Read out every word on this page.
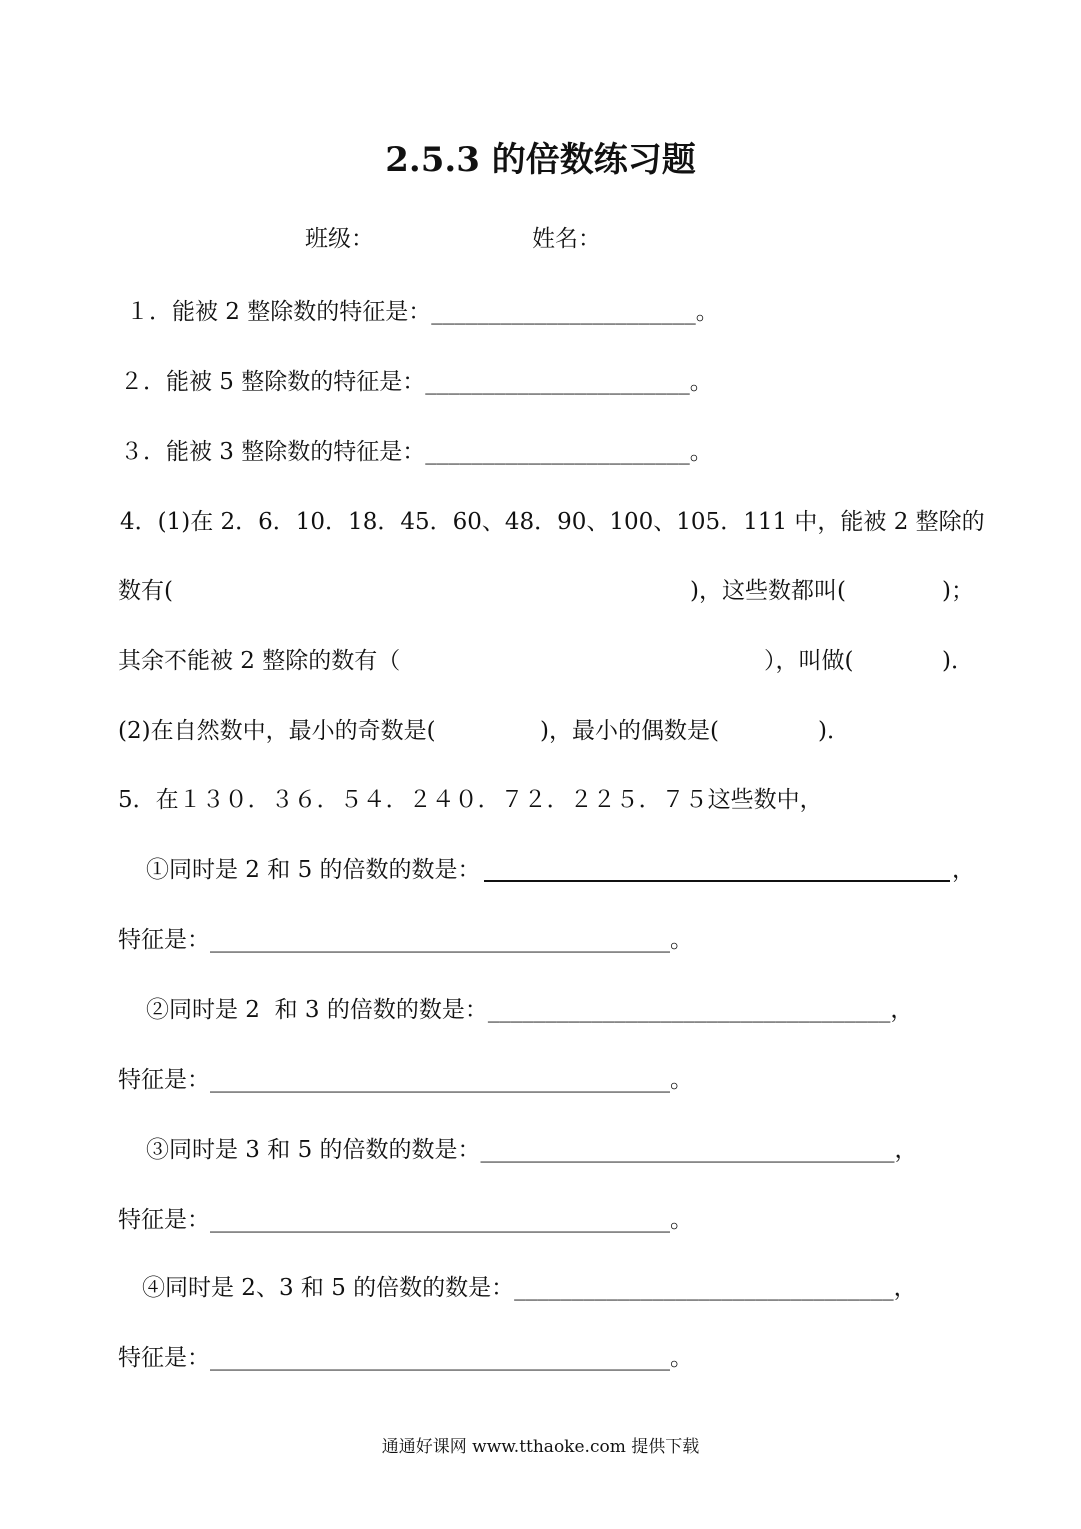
2.5.3 的倍数练习题
班级：	姓名：
１．能被 2 整除数的特征是：_______________________。
２．能被 5 整除数的特征是：_______________________。
３．能被 3 整除数的特征是：_______________________。
4．(1)在 2．6．10．18．45．60、48．90、100、105．111 中，能被 2 整除的
数有(	)，这些数都叫(	)；
其余不能被 2 整除的数有（	），叫做(	)．
(2)在自然数中，最小的奇数是(	)，最小的偶数是(	)．
5．在１３０．３６．５４．２４０．７２．２２５．７５这些数中，
①同时是 2 和 5 的倍数的数是：	，
特征是：________________________________________。
②同时是 2  和 3 的倍数的数是：___________________________________，
特征是：________________________________________。
③同时是 3 和 5 的倍数的数是：____________________________________，
特征是：________________________________________。
④同时是 2、3 和 5 的倍数的数是：_________________________________，
特征是：________________________________________。
通通好课网 www.tthaoke.com 提供下载
